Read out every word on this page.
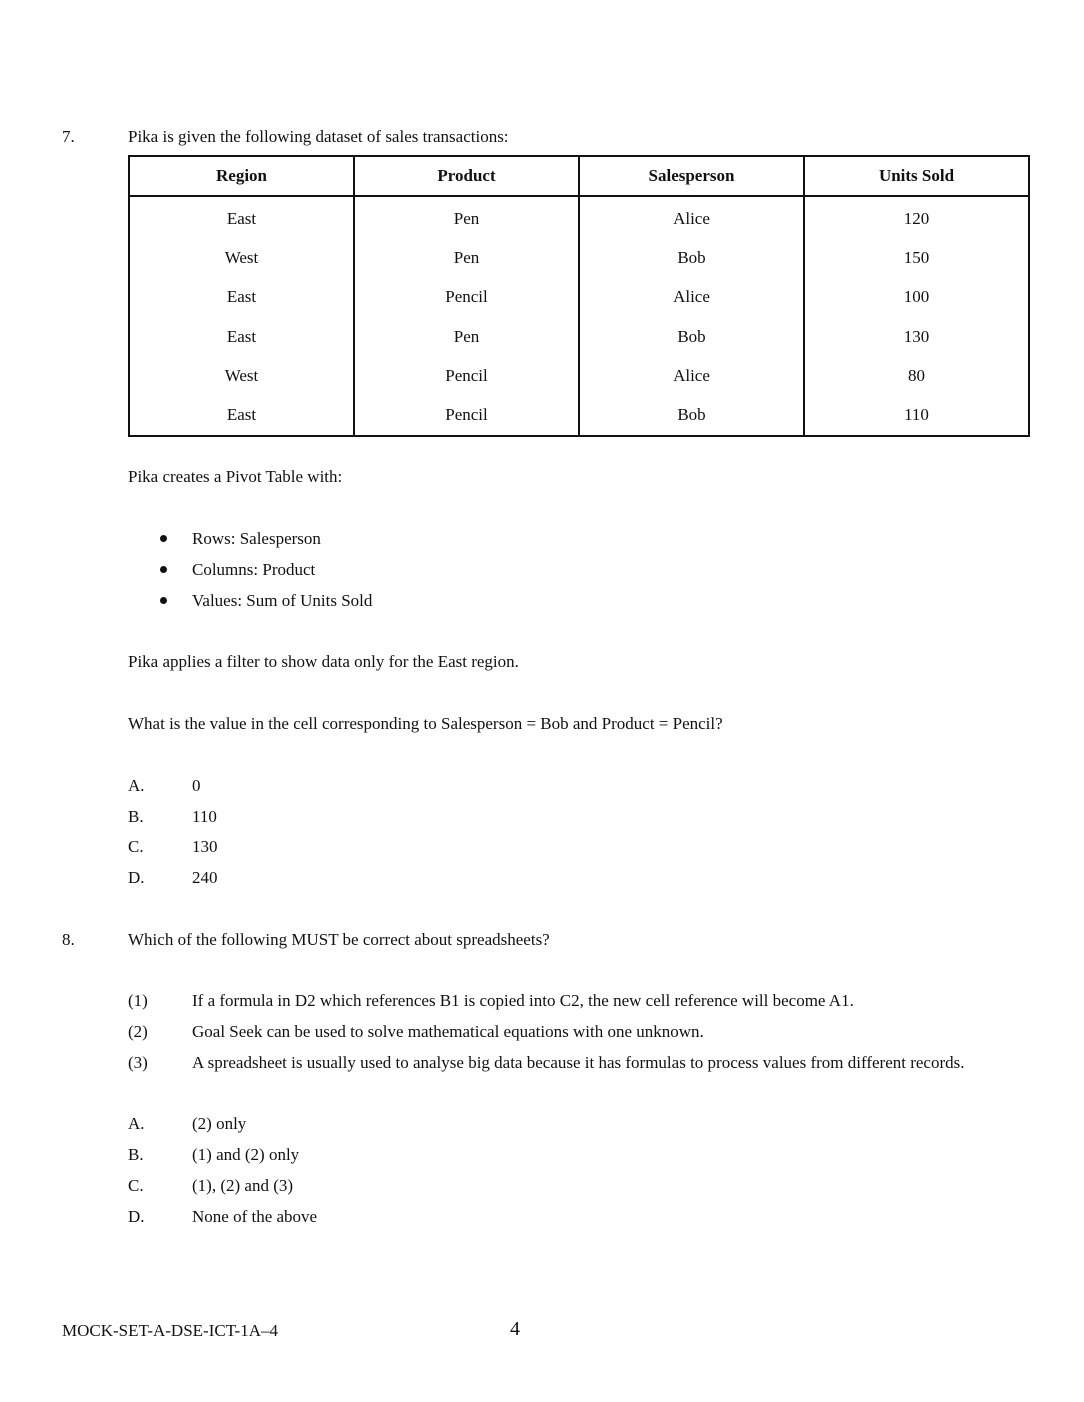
7.	Pika is given the following dataset of sales transactions:
Region	Product	Salesperson	Units Sold
East	Pen	Alice	120
West	Pen	Bob	150
East	Pencil	Alice	100
East	Pen	Bob	130
West	Pencil	Alice	80
East	Pencil	Bob	110
Pika creates a Pivot Table with:
Rows: Salesperson
Columns: Product
Values: Sum of Units Sold
Pika applies a filter to show data only for the East region.
What is the value in the cell corresponding to Salesperson = Bob and Product = Pencil?
A.	0
B.	110
C.	130
D.	240
8.	Which of the following MUST be correct about spreadsheets?
(1)	If a formula in D2 which references B1 is copied into C2, the new cell reference will become A1.
(2)	Goal Seek can be used to solve mathematical equations with one unknown.
(3)	A spreadsheet is usually used to analyse big data because it has formulas to process values from different records.
A.	(2) only
B.	(1) and (2) only
C.	(1), (2) and (3)
D.	None of the above
MOCK-SET-A-DSE-ICT-1A–4	4
